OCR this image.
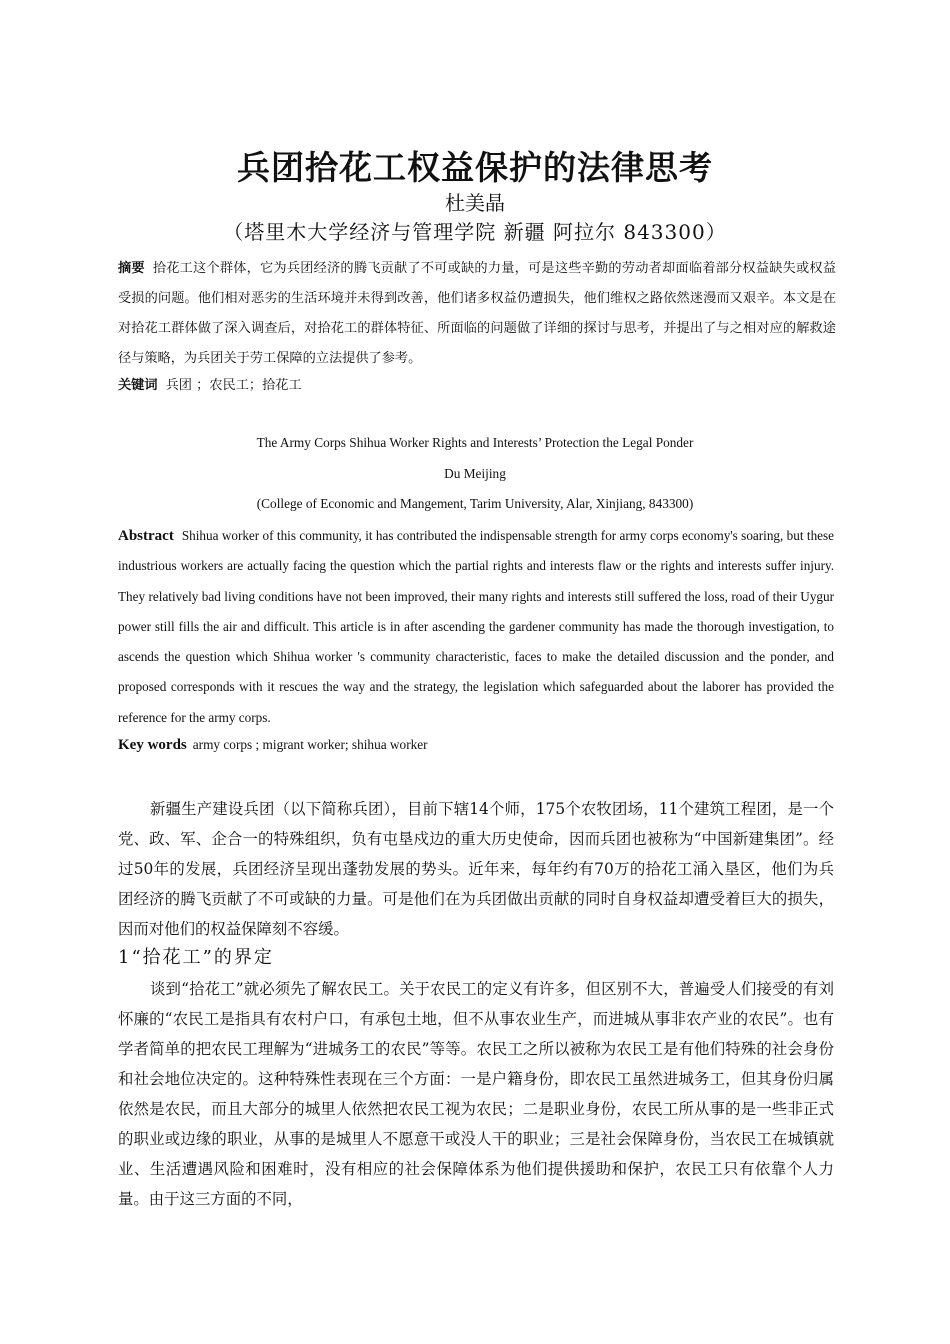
兵团拾花工权益保护的法律思考
杜美晶
（塔里木大学经济与管理学院 新疆 阿拉尔 843300）
摘要 拾花工这个群体，它为兵团经济的腾飞贡献了不可或缺的力量，可是这些辛勤的劳动者却面临着部分权益缺失或权益受损的问题。他们相对恶劣的生活环境并未得到改善，他们诸多权益仍遭损失，他们维权之路依然迷漫而又艰辛。本文是在对拾花工群体做了深入调查后，对拾花工的群体特征、所面临的问题做了详细的探讨与思考，并提出了与之相对应的解救途径与策略，为兵团关于劳工保障的立法提供了参考。
关键词 兵团 ；农民工；拾花工
The Army Corps Shihua Worker Rights and Interests’ Protection the Legal Ponder
Du Meijing
(College of Economic and Mangement, Tarim University, Alar, Xinjiang, 843300)
Abstract Shihua worker of this community, it has contributed the indispensable strength for army corps economy's soaring, but these industrious workers are actually facing the question which the partial rights and interests flaw or the rights and interests suffer injury. They relatively bad living conditions have not been improved, their many rights and interests still suffered the loss, road of their Uygur power still fills the air and difficult. This article is in after ascending the gardener community has made the thorough investigation, to ascends the question which Shihua worker 's community characteristic, faces to make the detailed discussion and the ponder, and proposed corresponds with it rescues the way and the strategy, the legislation which safeguarded about the laborer has provided the reference for the army corps.
Key words army corps ; migrant worker; shihua worker
新疆生产建设兵团（以下简称兵团），目前下辖14个师，175个农牧团场，11个建筑工程团，是一个党、政、军、企合一的特殊组织，负有屯垦戍边的重大历史使命，因而兵团也被称为“中国新建集团”。经过50年的发展，兵团经济呈现出蓬勃发展的势头。近年来，每年约有70万的拾花工涌入垦区，他们为兵团经济的腾飞贡献了不可或缺的力量。可是他们在为兵团做出贡献的同时自身权益却遭受着巨大的损失，因而对他们的权益保障刻不容缓。
1“拾花工”的界定
谈到“拾花工”就必须先了解农民工。关于农民工的定义有许多，但区别不大，普遍受人们接受的有刘怀廉的“农民工是指具有农村户口，有承包土地，但不从事农业生产，而进城从事非农产业的农民”。也有学者简单的把农民工理解为“进城务工的农民”等等。农民工之所以被称为农民工是有他们特殊的社会身份和社会地位决定的。这种特殊性表现在三个方面：一是户籍身份，即农民工虽然进城务工，但其身份归属依然是农民，而且大部分的城里人依然把农民工视为农民；二是职业身份，农民工所从事的是一些非正式的职业或边缘的职业，从事的是城里人不愿意干或没人干的职业；三是社会保障身份，当农民工在城镇就业、生活遭遇风险和困难时，没有相应的社会保障体系为他们提供援助和保护，农民工只有依靠个人力量。由于这三方面的不同，
